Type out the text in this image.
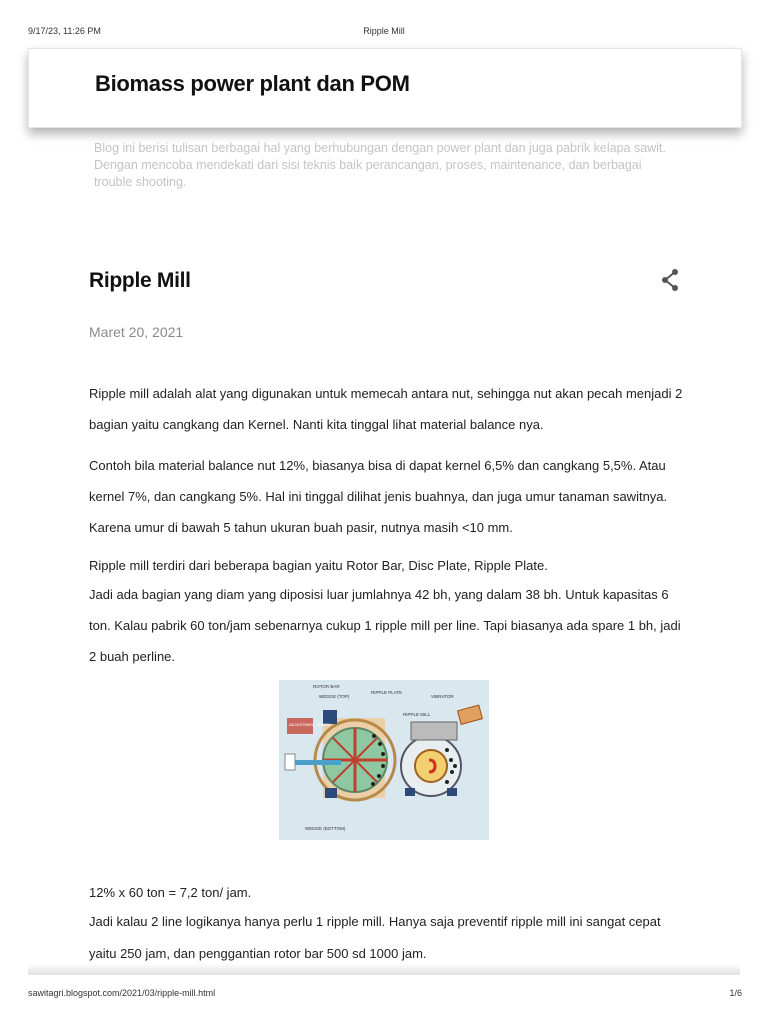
9/17/23, 11:26 PM	Ripple Mill
Biomass power plant dan POM
Blog ini berisi tulisan berbagai hal yang berhubungan dengan power plant dan juga pabrik kelapa sawit. Dengan mencoba mendekati dari sisi teknis baik perancangan, proses, maintenance, dan berbagai trouble shooting.
Ripple Mill
Maret 20, 2021

Ripple mill adalah alat yang digunakan untuk memecah antara nut, sehingga nut akan pecah menjadi 2 bagian yaitu cangkang dan Kernel. Nanti kita tinggal lihat material balance nya.

Contoh bila material balance nut 12%, biasanya bisa di dapat kernel 6,5% dan cangkang 5,5%. Atau kernel 7%, dan cangkang 5%. Hal ini tinggal dilihat jenis buahnya, dan juga umur tanaman sawitnya. Karena umur di bawah 5 tahun ukuran buah pasir, nutnya masih <10 mm.

Ripple mill terdiri dari beberapa bagian yaitu Rotor Bar, Disc Plate, Ripple Plate.

Jadi ada bagian yang diam yang diposisi luar jumlahnya 42 bh, yang dalam 38 bh. Untuk kapasitas 6 ton. Kalau pabrik 60 ton/jam sebenarnya cukup 1 ripple mill per line. Tapi biasanya ada spare 1 bh, jadi 2 buah perline.

ADJUSTMENT WHEEL
ROTOR BAR
WEDGE (TOP)
RIPPLE PLATE
VIBRATOR
RIPPLE MILL
WEDGE (BOTTOM)

12% x 60 ton = 7,2 ton/ jam.

Jadi kalau 2 line logikanya hanya perlu 1 ripple mill. Hanya saja preventif ripple mill ini sangat cepat yaitu 250 jam, dan penggantian rotor bar 500 sd 1000 jam.

sawitagri.blogspot.com/2021/03/ripple-mill.html	1/6
